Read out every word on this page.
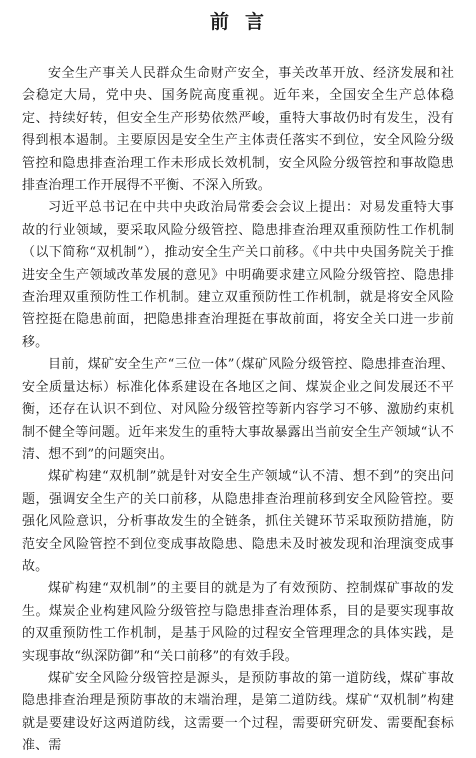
前言

安全生产事关人民群众生命财产安全，事关改革开放、经济发展和社会稳定大局，党中央、国务院高度重视。近年来，全国安全生产总体稳定、持续好转，但安全生产形势依然严峻，重特大事故仍时有发生，没有得到根本遏制。主要原因是安全生产主体责任落实不到位，安全风险分级管控和隐患排查治理工作未形成长效机制，安全风险分级管控和事故隐患排查治理工作开展得不平衡、不深入所致。

习近平总书记在中共中央政治局常委会会议上提出：对易发重特大事故的行业领域，要采取风险分级管控、隐患排查治理双重预防性工作机制（以下简称“双机制”），推动安全生产关口前移。《中共中央国务院关于推进安全生产领域改革发展的意见》中明确要求建立风险分级管控、隐患排查治理双重预防性工作机制。建立双重预防性工作机制，就是将安全风险管控挺在隐患前面，把隐患排查治理挺在事故前面，将安全关口进一步前移。

目前，煤矿安全生产“三位一体”（煤矿风险分级管控、隐患排查治理、安全质量达标）标准化体系建设在各地区之间、煤炭企业之间发展还不平衡，还存在认识不到位、对风险分级管控等新内容学习不够、激励约束机制不健全等问题。近年来发生的重特大事故暴露出当前安全生产领域“认不清、想不到”的问题突出。

煤矿构建“双机制”就是针对安全生产领域“认不清、想不到”的突出问题，强调安全生产的关口前移，从隐患排查治理前移到安全风险管控。要强化风险意识，分析事故发生的全链条，抓住关键环节采取预防措施，防范安全风险管控不到位变成事故隐患、隐患未及时被发现和治理演变成事故。

煤矿构建“双机制”的主要目的就是为了有效预防、控制煤矿事故的发生。煤炭企业构建风险分级管控与隐患排查治理体系，目的是要实现事故的双重预防性工作机制，是基于风险的过程安全管理理念的具体实践，是实现事故“纵深防御”和“关口前移”的有效手段。

煤矿安全风险分级管控是源头，是预防事故的第一道防线，煤矿事故隐患排查治理是预防事故的末端治理，是第二道防线。煤矿“双机制”构建就是要建设好这两道防线，这需要一个过程，需要研究研发、需要配套标准、需
